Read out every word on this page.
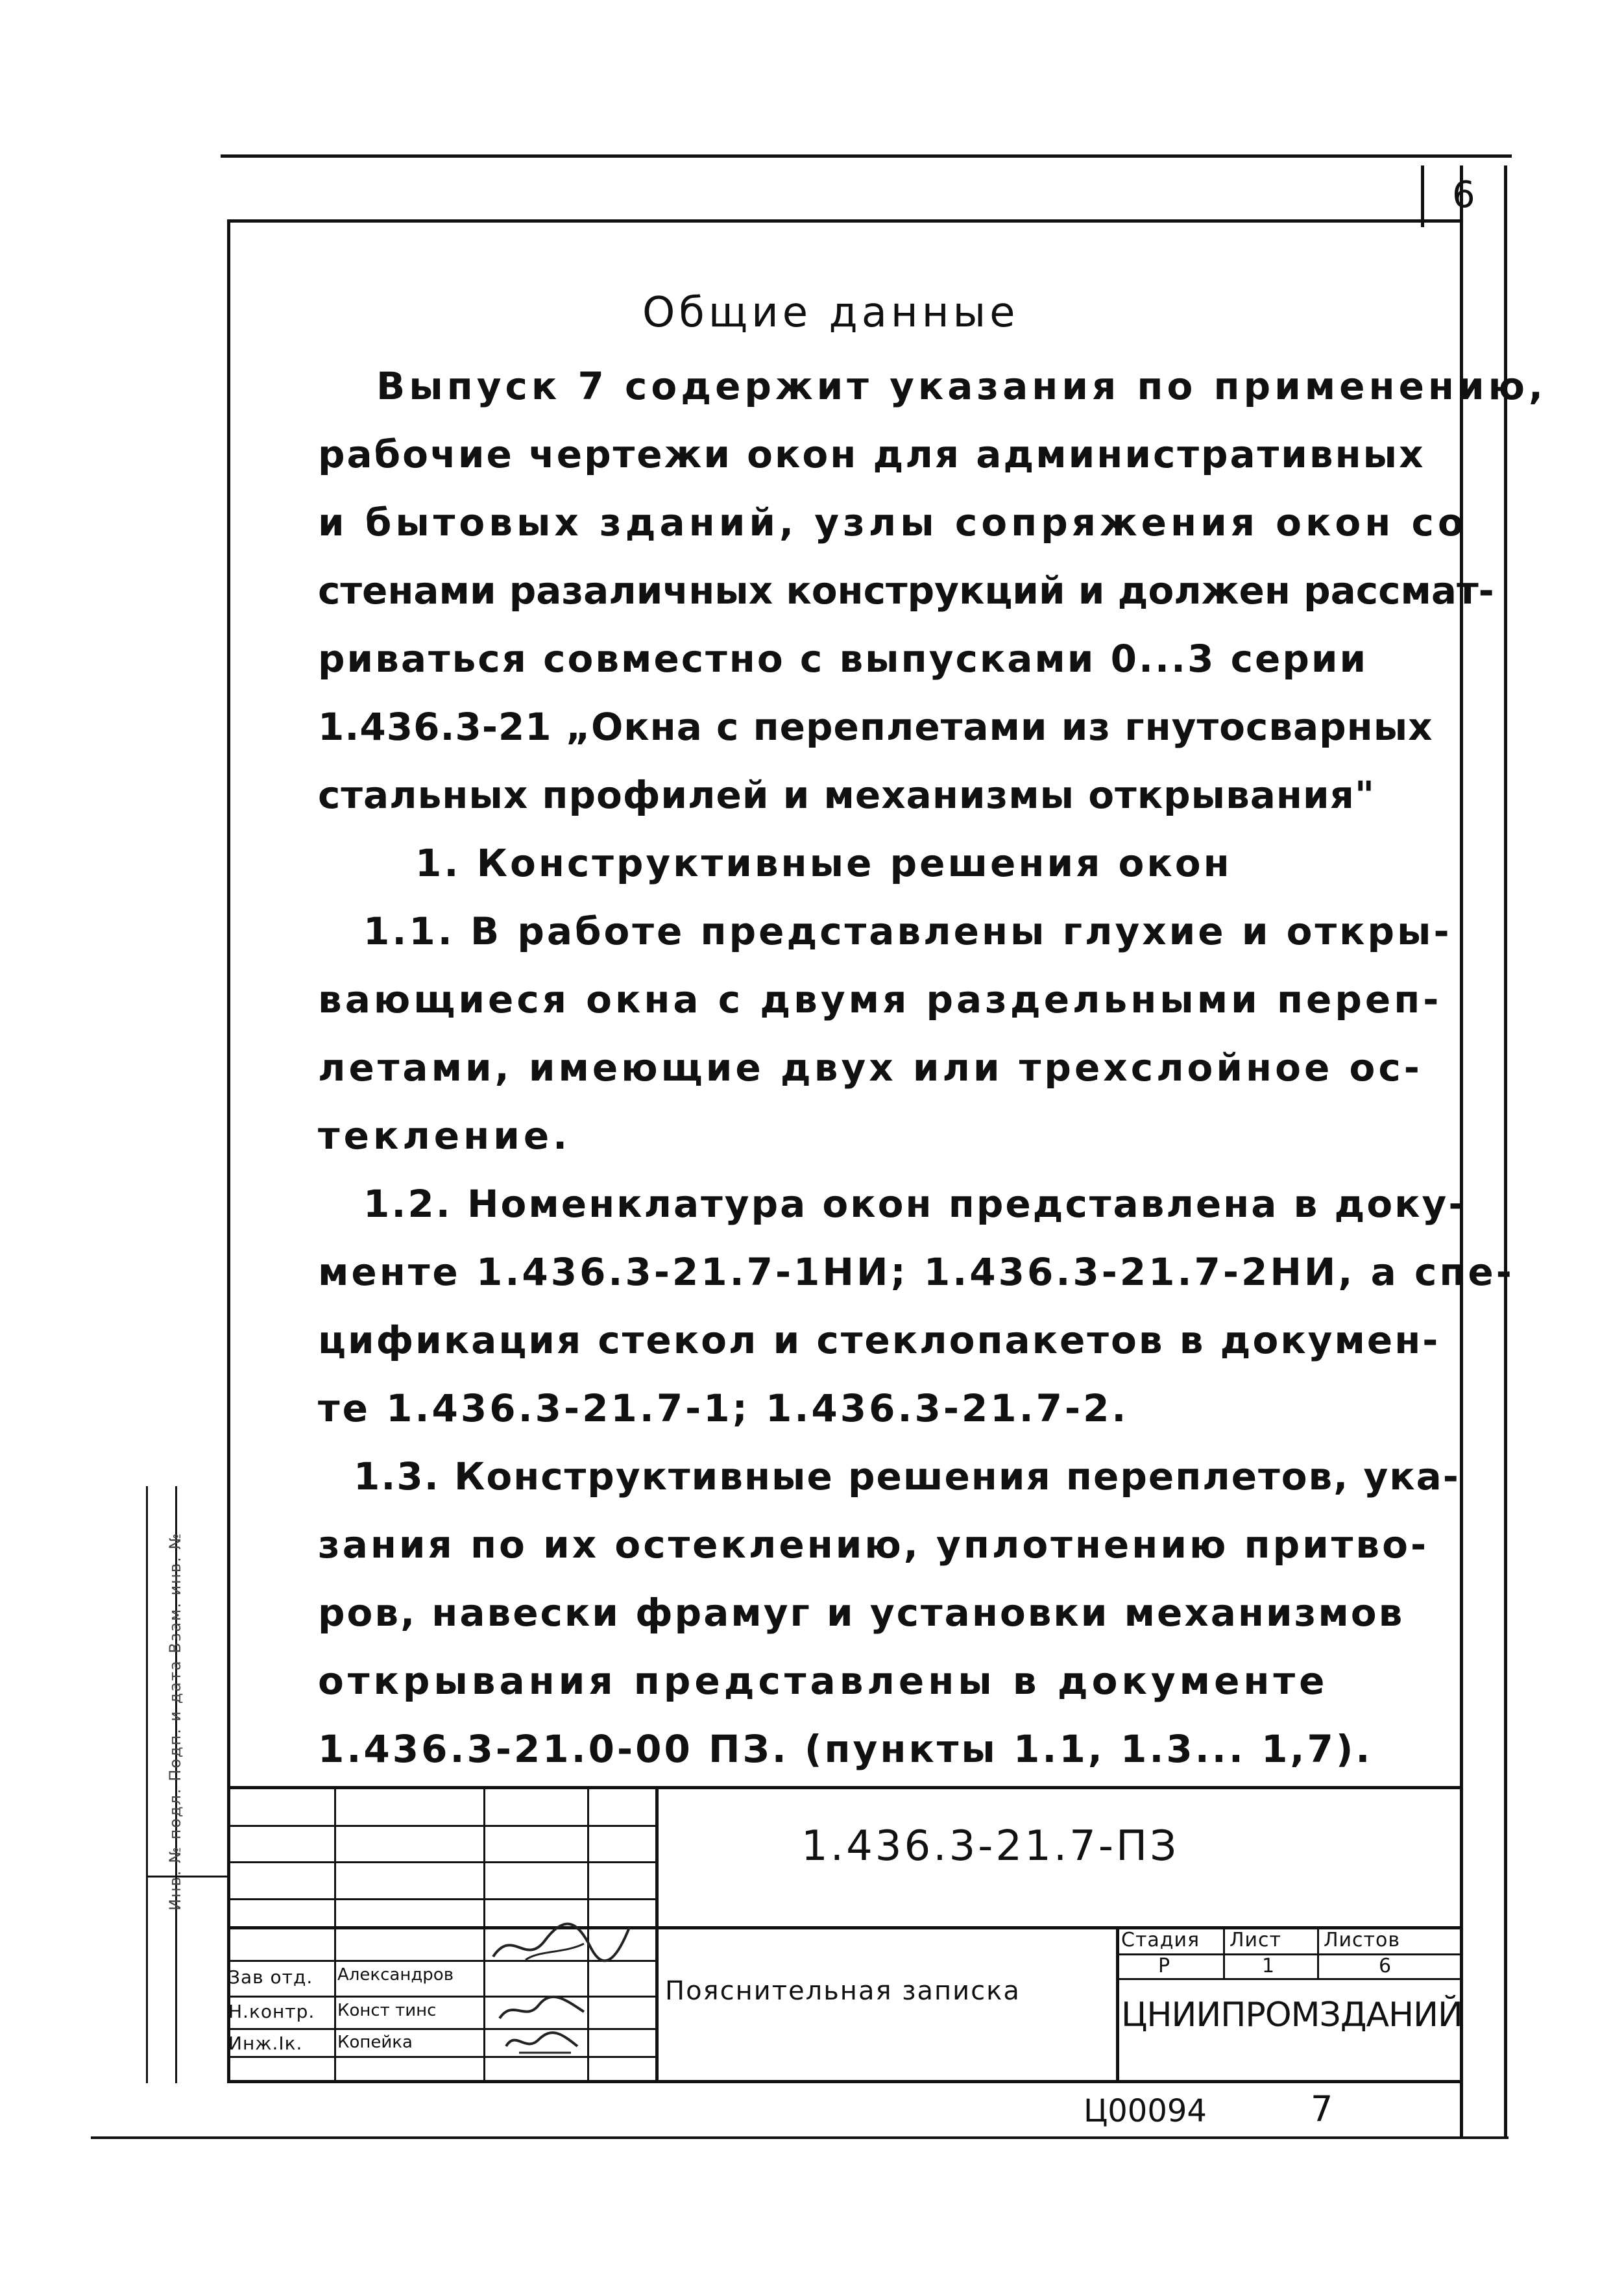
6
Общие данные
Выпуск 7 содержит указания по применению,
рабочие чертежи окон для административных
и бытовых зданий, узлы сопряжения окон со
стенами разаличных конструкций и должен рассмат-
риваться совместно с выпусками 0...3 серии
1.436.3-21 „Окна с переплетами из гнутосварных
стальных профилей и механизмы открывания"
1. Конструктивные решения окон
1.1. В работе представлены глухие и откры-
вающиеся окна с двумя раздельными переп-
летами, имеющие двух или трехслойное ос-
текление.
1.2. Номенклатура окон представлена в доку-
менте 1.436.3-21.7-1НИ; 1.436.3-21.7-2НИ, а спе-
цификация стекол и стеклопакетов в докумен-
те 1.436.3-21.7-1; 1.436.3-21.7-2.
1.3. Конструктивные решения переплетов, ука-
зания по их остеклению, уплотнению притво-
ров, навески фрамуг и установки механизмов
открывания представлены в документе
1.436.3-21.0-00 ПЗ. (пункты 1.1, 1.3... 1,7).
1.436.3-21.7-ПЗ
Пояснительная записка
Стадия Лист Листов
Р	1	6
ЦНИИПРОМЗДАНИЙ
Зав отд. Александров
Н.контр. Конст тинс
Инж.Iк. Копейка
Инв. № подл. Подп. и дата Взам. инв. №
Ц00094	7
